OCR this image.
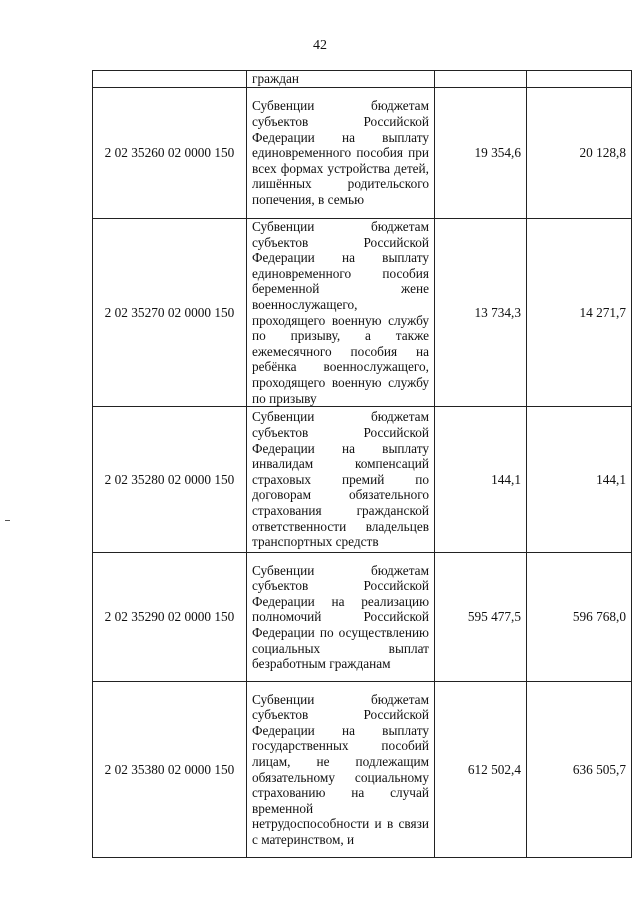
42
	граждан		
2 02 35260 02 0000 150	Субвенции бюджетам субъектов Российской Федерации на выплату единовременного пособия при всех формах устройства детей, лишённых родительского попечения, в семью	19 354,6	20 128,8
2 02 35270 02 0000 150	Субвенции бюджетам субъектов Российской Федерации на выплату единовременного пособия беременной жене военнослужащего, проходящего военную службу по призыву, а также ежемесячного пособия на ребёнка военнослужащего, проходящего военную службу по призыву	13 734,3	14 271,7
2 02 35280 02 0000 150	Субвенции бюджетам субъектов Российской Федерации на выплату инвалидам компенсаций страховых премий по договорам обязательного страхования гражданской ответственности владельцев транспортных средств	144,1	144,1
2 02 35290 02 0000 150	Субвенции бюджетам субъектов Российской Федерации на реализацию полномочий Российской Федерации по осуществлению социальных выплат безработным гражданам	595 477,5	596 768,0
2 02 35380 02 0000 150	Субвенции бюджетам субъектов Российской Федерации на выплату государственных пособий лицам, не подлежащим обязательному социальному страхованию на случай временной нетрудоспособности и в связи с материнством, и	612 502,4	636 505,7
